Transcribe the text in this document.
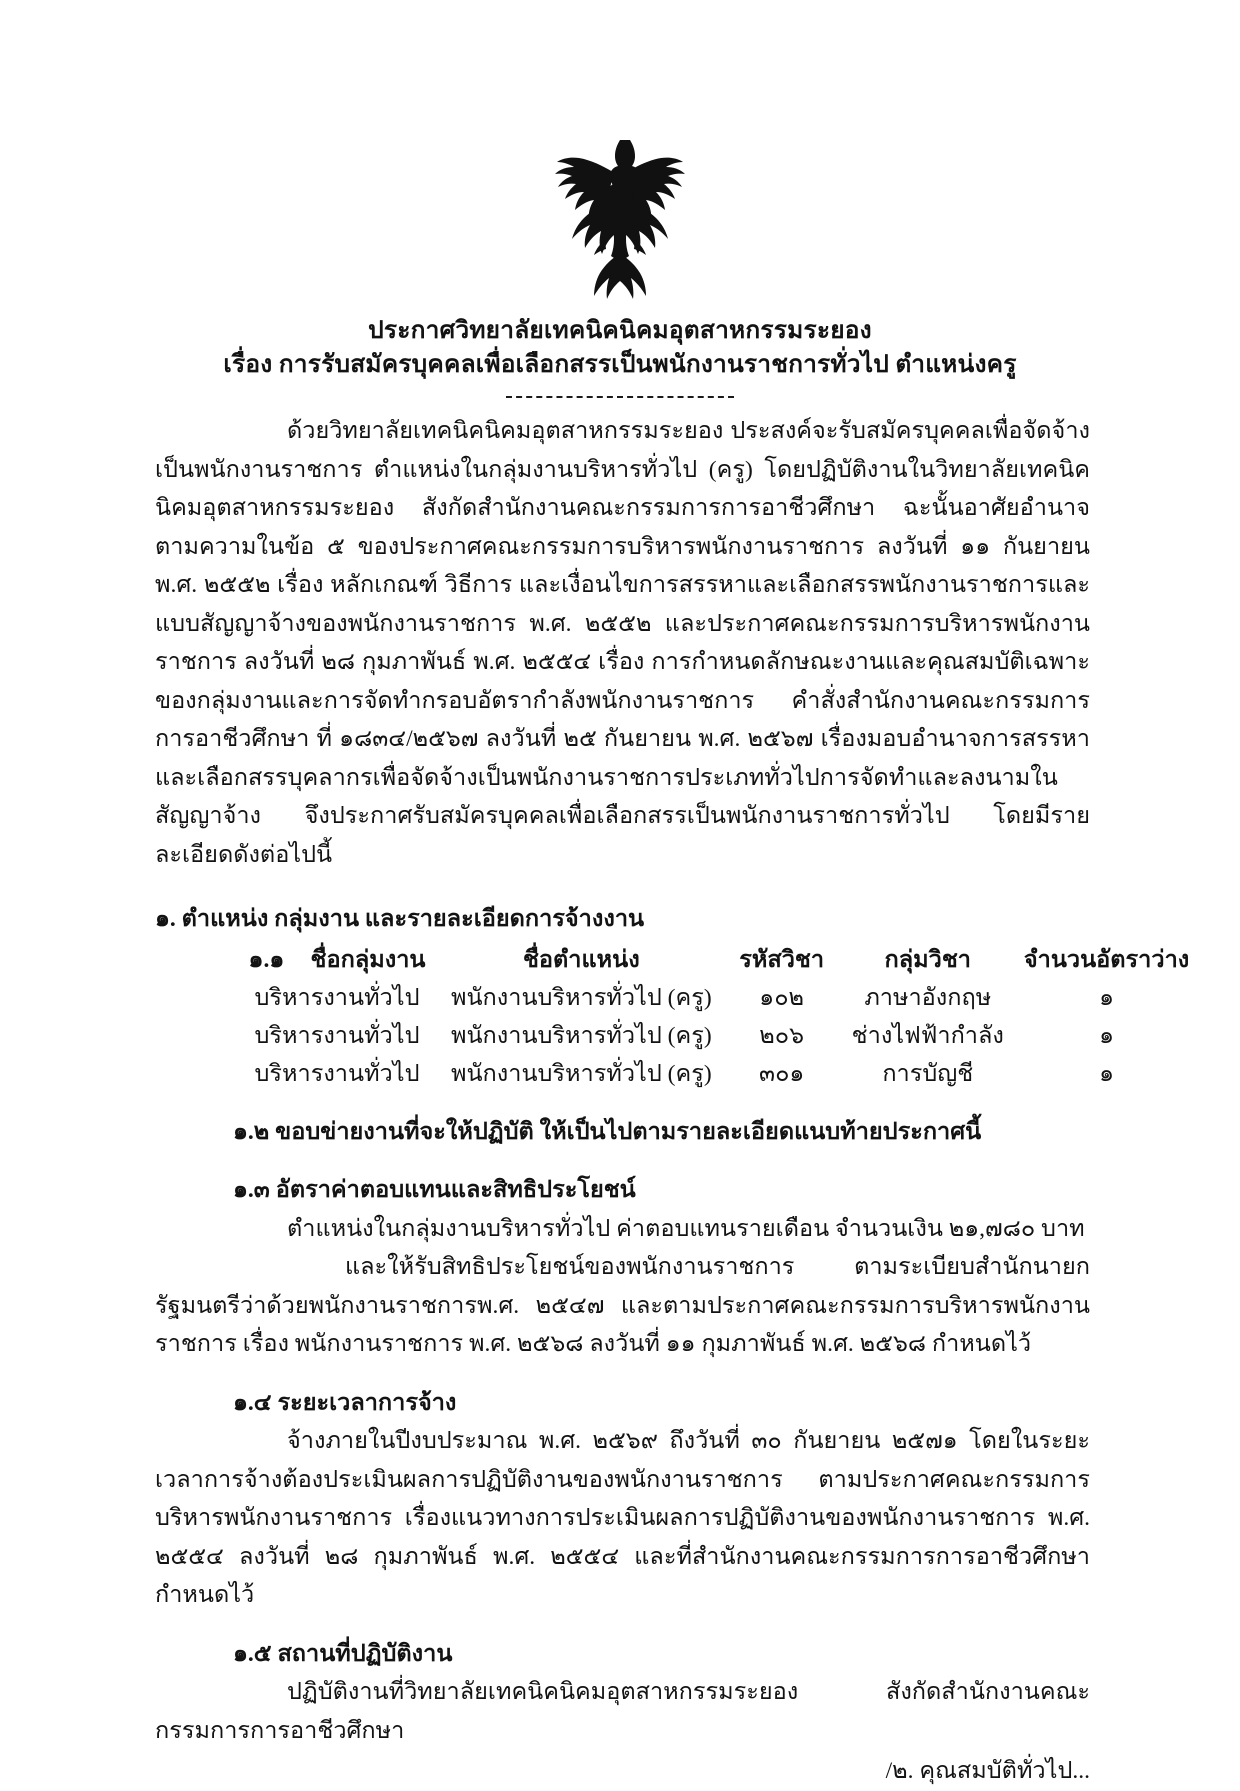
ประกาศวิทยาลัยเทคนิคนิคมอุตสาหกรรมระยอง
เรื่อง การรับสมัครบุคคลเพื่อเลือกสรรเป็นพนักงานราชการทั่วไป ตำแหน่งครู

ด้วยวิทยาลัยเทคนิคนิคมอุตสาหกรรมระยอง ประสงค์จะรับสมัครบุคคลเพื่อจัดจ้างเป็นพนักงานราชการ ตำแหน่งในกลุ่มงานบริหารทั่วไป (ครู) โดยปฏิบัติงานในวิทยาลัยเทคนิคนิคมอุตสาหกรรมระยอง สังกัดสำนักงานคณะกรรมการการอาชีวศึกษา ฉะนั้นอาศัยอำนาจตามความในข้อ ๕ ของประกาศคณะกรรมการบริหารพนักงานราชการ ลงวันที่ ๑๑ กันยายน พ.ศ. ๒๕๕๒ เรื่อง หลักเกณฑ์ วิธีการ และเงื่อนไขการสรรหาและเลือกสรรพนักงานราชการและแบบสัญญาจ้างของพนักงานราชการ พ.ศ. ๒๕๕๒ และประกาศคณะกรรมการบริหารพนักงานราชการ ลงวันที่ ๒๘ กุมภาพันธ์ พ.ศ. ๒๕๕๔ เรื่อง การกำหนดลักษณะงานและคุณสมบัติเฉพาะของกลุ่มงานและการจัดทำกรอบอัตรากำลังพนักงานราชการ คำสั่งสำนักงานคณะกรรมการการอาชีวศึกษา ที่ ๑๘๓๔/๒๕๖๗ ลงวันที่ ๒๕ กันยายน พ.ศ. ๒๕๖๗ เรื่องมอบอำนาจการสรรหาและเลือกสรรบุคลากรเพื่อจัดจ้างเป็นพนักงานราชการประเภททั่วไปการจัดทำและลงนามในสัญญาจ้าง จึงประกาศรับสมัครบุคคลเพื่อเลือกสรรเป็นพนักงานราชการทั่วไป โดยมีรายละเอียดดังต่อไปนี้

๑. ตำแหน่ง กลุ่มงาน และรายละเอียดการจ้างงาน
๑.๑ ชื่อกลุ่มงาน	ชื่อตำแหน่ง	รหัสวิชา	กลุ่มวิชา	จำนวนอัตราว่าง
บริหารงานทั่วไป	พนักงานบริหารทั่วไป (ครู)	๑๐๒	ภาษาอังกฤษ	๑
บริหารงานทั่วไป	พนักงานบริหารทั่วไป (ครู)	๒๐๖	ช่างไฟฟ้ากำลัง	๑
บริหารงานทั่วไป	พนักงานบริหารทั่วไป (ครู)	๓๐๑	การบัญชี	๑
๑.๒ ขอบข่ายงานที่จะให้ปฏิบัติ ให้เป็นไปตามรายละเอียดแนบท้ายประกาศนี้
๑.๓ อัตราค่าตอบแทนและสิทธิประโยชน์

ตำแหน่งในกลุ่มงานบริหารทั่วไป ค่าตอบแทนรายเดือน จำนวนเงิน ๒๑,๗๘๐ บาท

และให้รับสิทธิประโยชน์ของพนักงานราชการ ตามระเบียบสำนักนายกรัฐมนตรีว่าด้วยพนักงานราชการพ.ศ. ๒๕๔๗ และตามประกาศคณะกรรมการบริหารพนักงานราชการ เรื่อง พนักงานราชการ พ.ศ. ๒๕๖๘ ลงวันที่ ๑๑ กุมภาพันธ์ พ.ศ. ๒๕๖๘ กำหนดไว้

๑.๔ ระยะเวลาการจ้าง

จ้างภายในปีงบประมาณ พ.ศ. ๒๕๖๙ ถึงวันที่ ๓๐ กันยายน ๒๕๗๑ โดยในระยะเวลาการจ้างต้องประเมินผลการปฏิบัติงานของพนักงานราชการ ตามประกาศคณะกรรมการบริหารพนักงานราชการ เรื่องแนวทางการประเมินผลการปฏิบัติงานของพนักงานราชการ พ.ศ. ๒๕๕๔ ลงวันที่ ๒๘ กุมภาพันธ์ พ.ศ. ๒๕๕๔ และที่สำนักงานคณะกรรมการการอาชีวศึกษา กำหนดไว้

๑.๕ สถานที่ปฏิบัติงาน

ปฏิบัติงานที่วิทยาลัยเทคนิคนิคมอุตสาหกรรมระยอง สังกัดสำนักงานคณะกรรมการการอาชีวศึกษา

/๒. คุณสมบัติทั่วไป...
